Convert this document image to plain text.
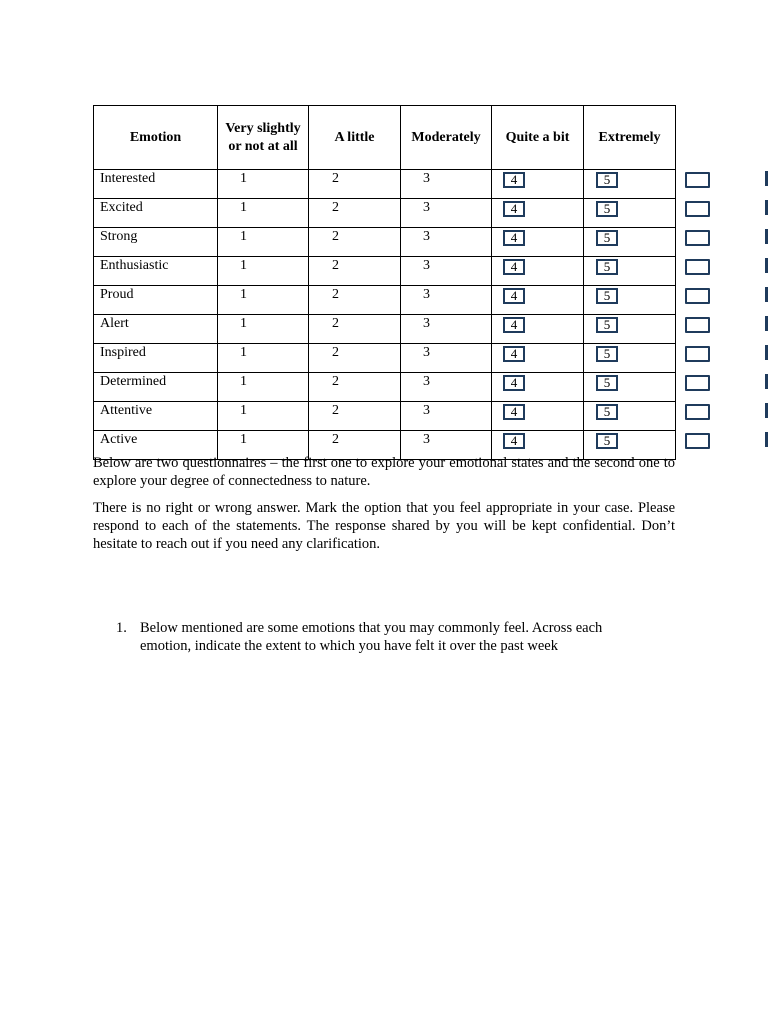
Emotion	Very slightly or not at all	A little	Moderately	Quite a bit	Extremely
Interested	1	2	3	4	5
Excited	1	2	3	4	5
Strong	1	2	3	4	5
Enthusiastic	1	2	3	4	5
Proud	1	2	3	4	5
Alert	1	2	3	4	5
Inspired	1	2	3	4	5
Determined	1	2	3	4	5
Attentive	1	2	3	4	5
Active	1	2	3	4	5

Below are two questionnaires – the first one to explore your emotional states and the second one to explore your degree of connectedness to nature.

There is no right or wrong answer. Mark the option that you feel appropriate in your case. Please respond to each of the statements. The response shared by you will be kept confidential. Don’t hesitate to reach out if you need any clarification.

1. Below mentioned are some emotions that you may commonly feel. Across each emotion, indicate the extent to which you have felt it over the past week
